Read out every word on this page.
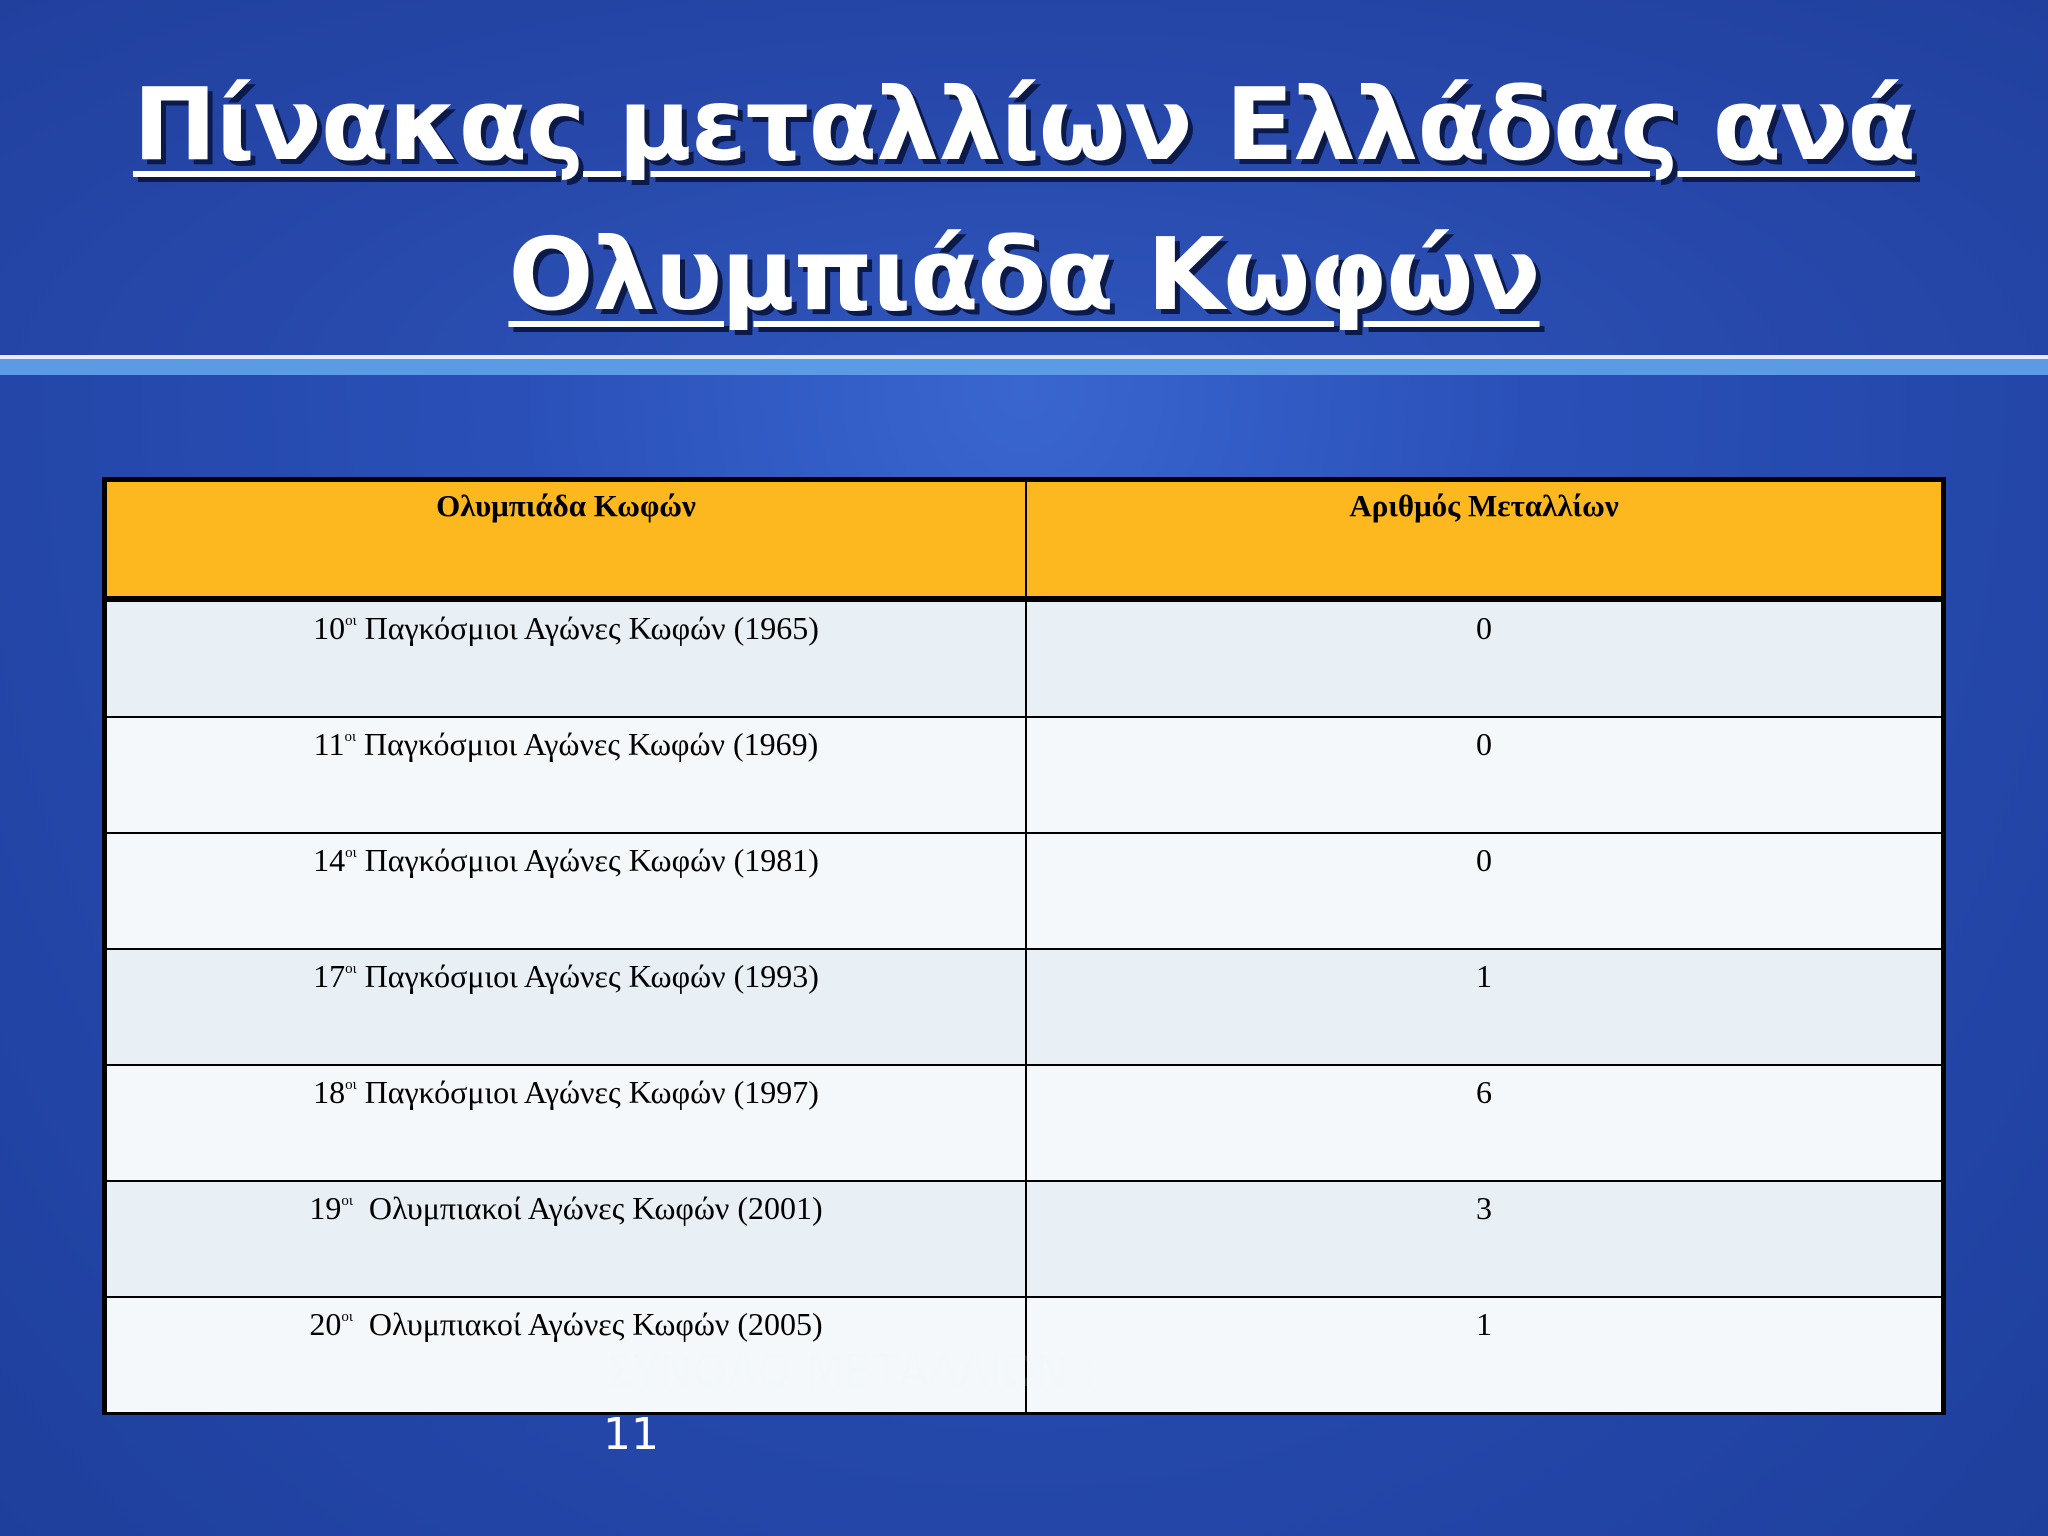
Πίνακας μεταλλίων Ελλάδας ανά
Ολυμπιάδα Κωφών
Ολυμπιάδα Κωφών	Αριθμός Μεταλλίων
$10^{o\iota}$ Παγκόσμιοι Αγώνες Κωφών (1965)	0
$11^{o\iota}$ Παγκόσμιοι Αγώνες Κωφών (1969)	0
$14^{o\iota}$ Παγκόσμιοι Αγώνες Κωφών (1981)	0
$17^{o\iota}$ Παγκόσμιοι Αγώνες Κωφών (1993)	1
$18^{o\iota}$ Παγκόσμιοι Αγώνες Κωφών (1997)	6
$19^{o\iota}$  Ολυμπιακοί Αγώνες Κωφών (2001)	3
$20^{o\iota}$  Ολυμπιακοί Αγώνες Κωφών (2005)	1
ΣΥΝΟΛΟ ΜΕΤΑΛΛΙΩΝ :
11
